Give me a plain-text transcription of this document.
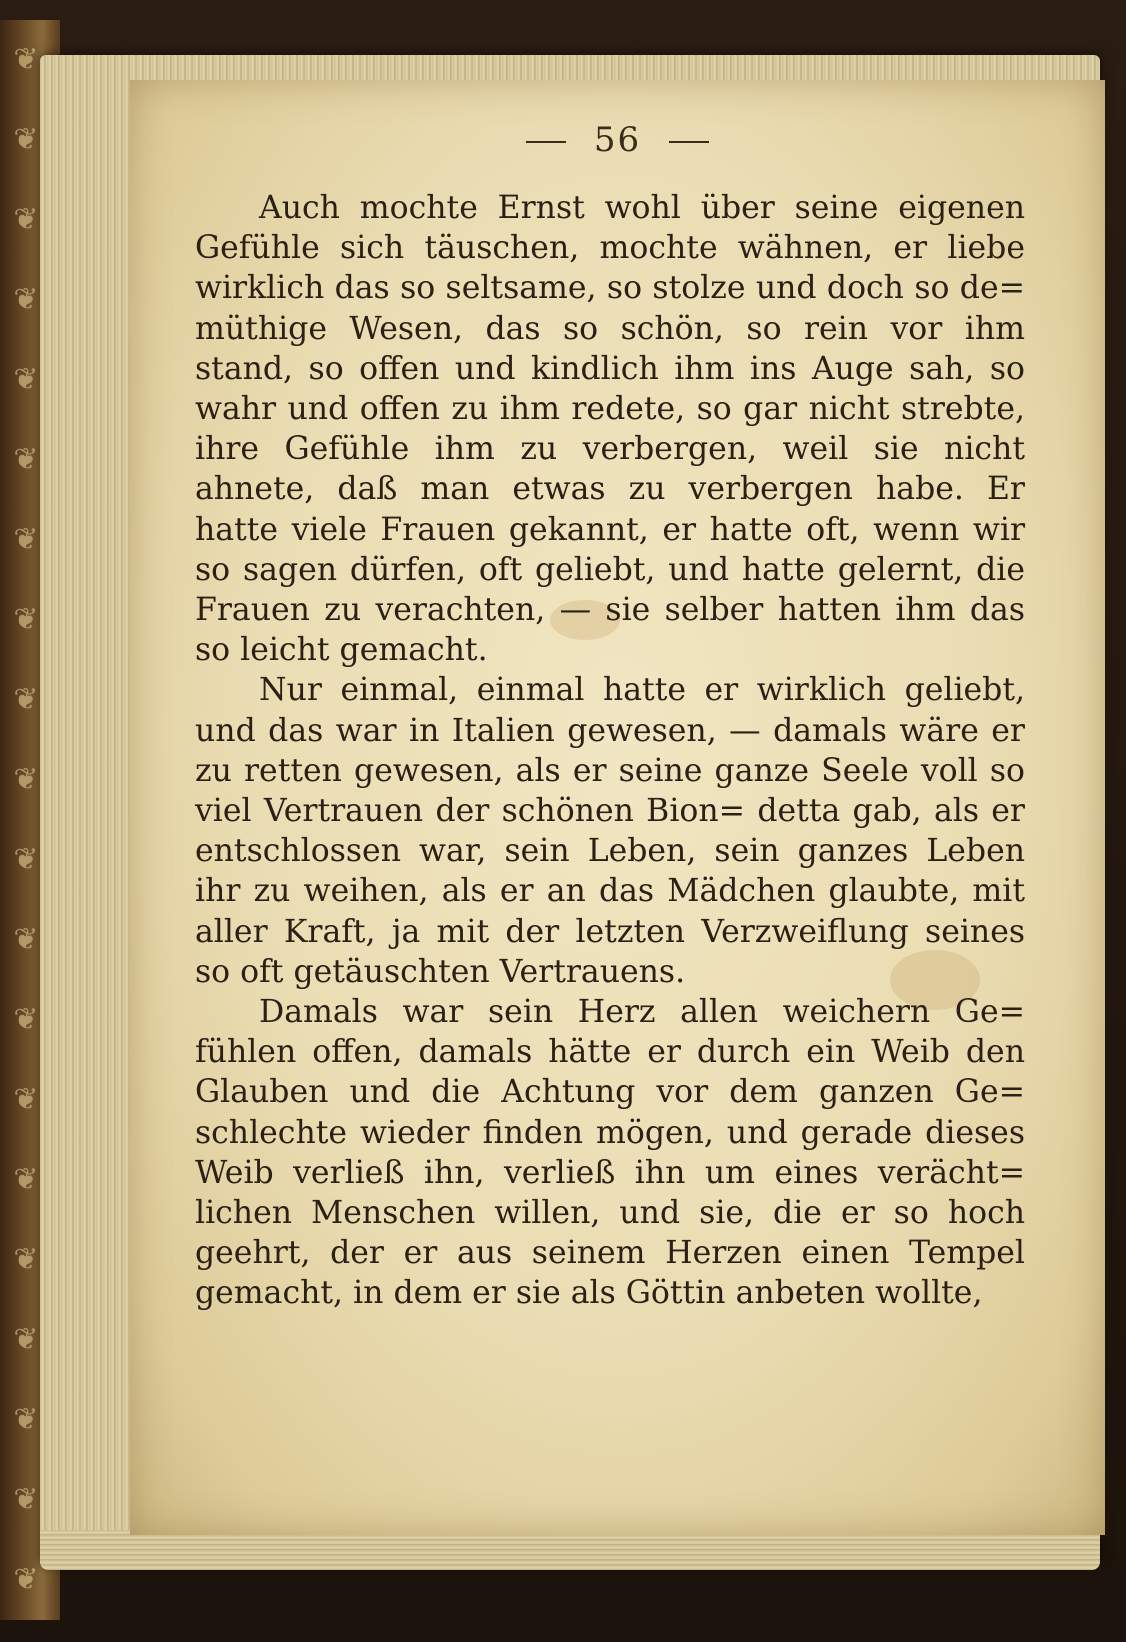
❦
❦
❦
❦
❦
❦
❦
❦
❦
❦
❦
❦
❦
❦
❦
❦
❦
❦
❦
❦
56

Auch mochte Ernst wohl über seine eigenen Gefühle sich täuschen, mochte wähnen, er liebe wirklich das so seltsame, so stolze und doch so de= müthige Wesen, das so schön, so rein vor ihm stand, so offen und kindlich ihm ins Auge sah, so wahr und offen zu ihm redete, so gar nicht strebte, ihre Gefühle ihm zu verbergen, weil sie nicht ahnete, daß man etwas zu verbergen habe. Er hatte viele Frauen gekannt, er hatte oft, wenn wir so sagen dürfen, oft geliebt, und hatte gelernt, die Frauen zu verachten, — sie selber hatten ihm das so leicht gemacht.

Nur einmal, einmal hatte er wirklich geliebt, und das war in Italien gewesen, — damals wäre er zu retten gewesen, als er seine ganze Seele voll so viel Vertrauen der schönen Bion= detta gab, als er entschlossen war, sein Leben, sein ganzes Leben ihr zu weihen, als er an das Mädchen glaubte, mit aller Kraft, ja mit der letzten Verzweiflung seines so oft getäuschten Vertrauens.

Damals war sein Herz allen weichern Ge= fühlen offen, damals hätte er durch ein Weib den Glauben und die Achtung vor dem ganzen Ge= schlechte wieder finden mögen, und gerade dieses Weib verließ ihn, verließ ihn um eines verächt= lichen Menschen willen, und sie, die er so hoch geehrt, der er aus seinem Herzen einen Tempel gemacht, in dem er sie als Göttin anbeten wollte,
